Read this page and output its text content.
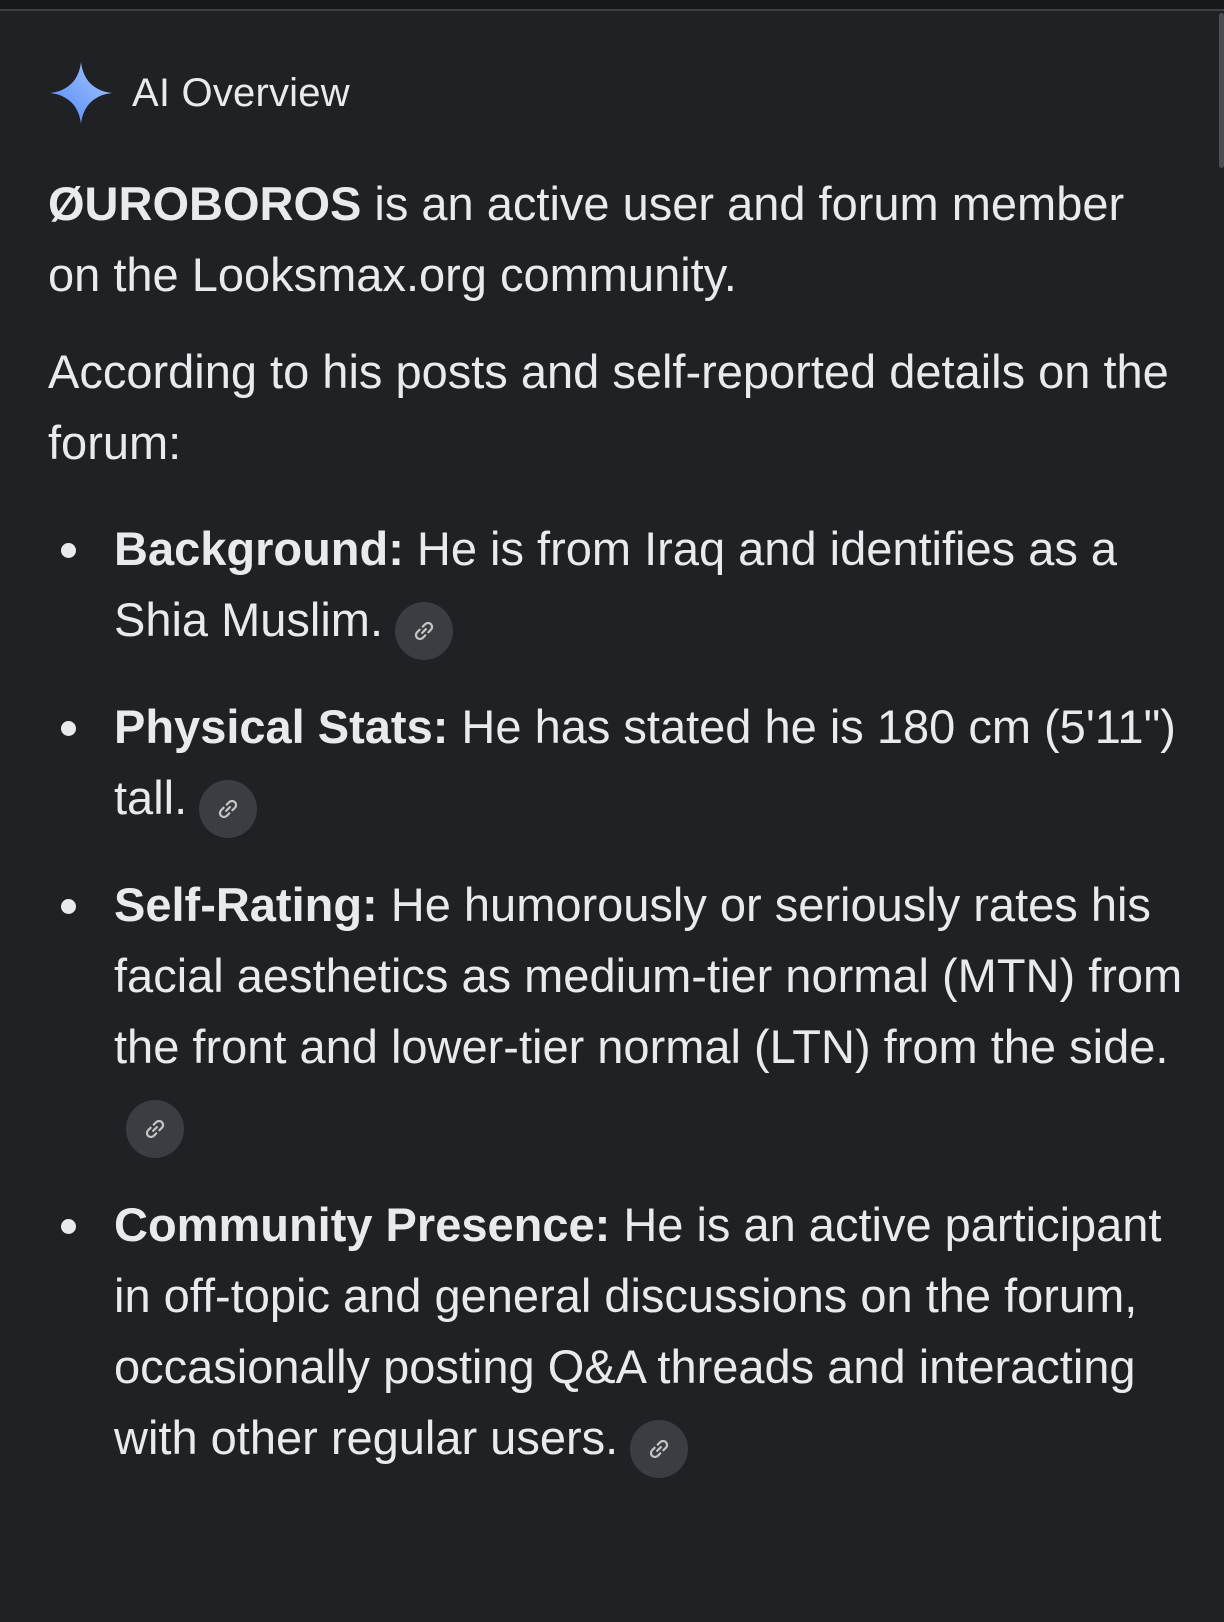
AI Overview

ØUROBOROS is an active user and forum member on the Looksmax.org community.

According to his posts and self-reported details on the forum:

Background: He is from Iraq and identifies as a Shia Muslim.
Physical Stats: He has stated he is 180 cm (5'11") tall.
Self-Rating: He humorously or seriously rates his facial aesthetics as medium-tier normal (MTN) from the front and lower-tier normal (LTN) from the side.
Community Presence: He is an active participant in off-topic and general discussions on the forum, occasionally posting Q&A threads and interacting with other regular users.
